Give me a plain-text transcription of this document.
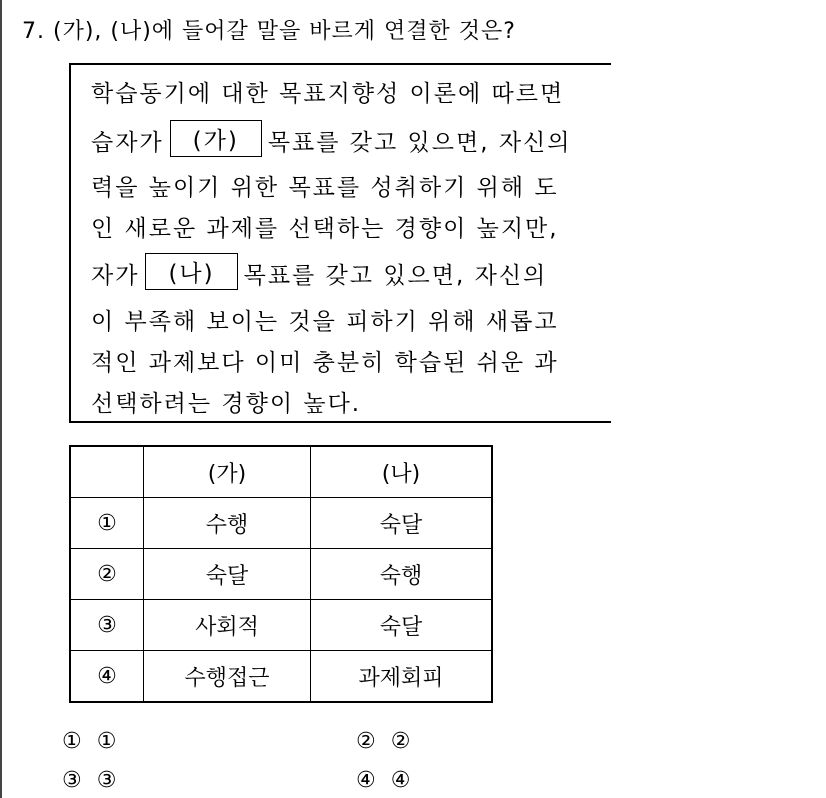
7. (가), (나)에 들어갈 말을 바르게 연결한 것은?
학습동기에 대한 목표지향성 이론에 따르면
습자가 (가) 목표를 갖고 있으면, 자신의
력을 높이기 위한 목표를 성취하기 위해 도
인 새로운 과제를 선택하는 경향이 높지만,
자가 (나) 목표를 갖고 있으면, 자신의
이 부족해 보이는 것을 피하기 위해 새롭고
적인 과제보다 이미 충분히 학습된 쉬운 과
선택하려는 경향이 높다.
	(가)	(나)
①	수행	숙달
②	숙달	숙행
③	사회적	숙달
④	수행접근	과제회피
① ①	② ②
③ ③	④ ④
